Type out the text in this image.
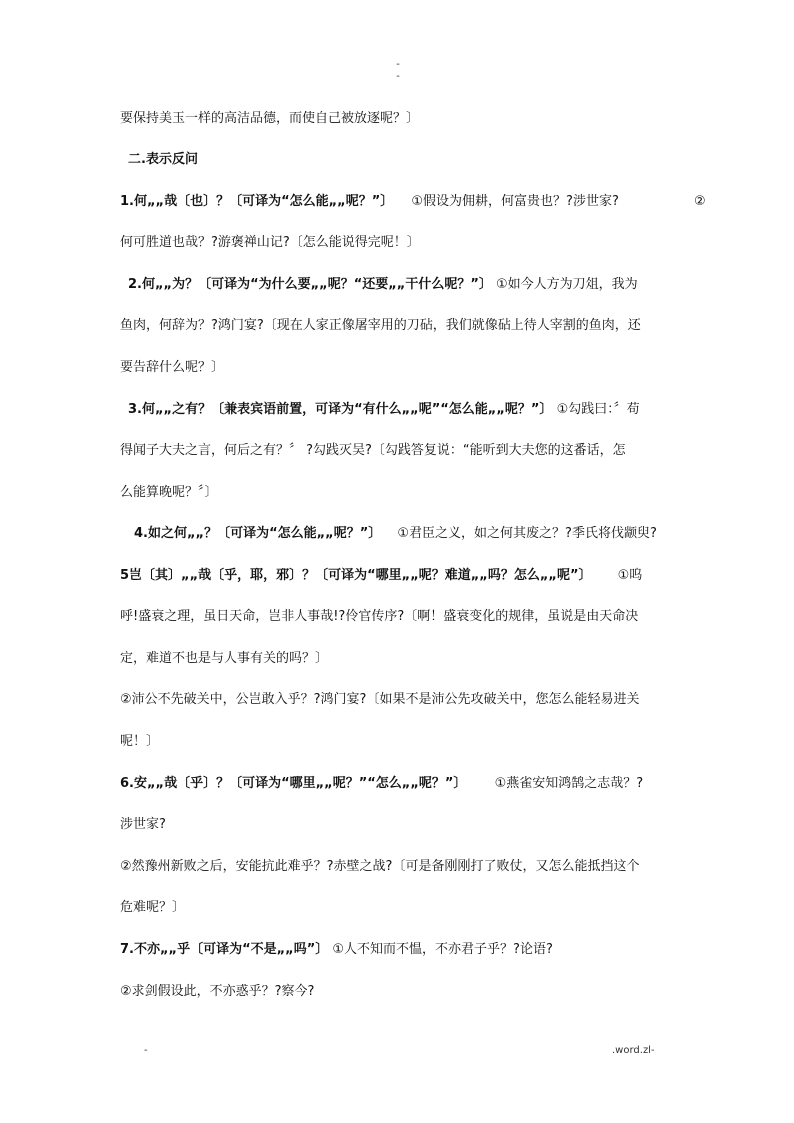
-
-
要保持美玉一样的高洁品德，而使自己被放逐呢？〕
二.表示反问
1.何„„哉〔也〕？〔可译为“怎么能„„呢？”〕 ①假设为佣耕，何富贵也？?涉世家?	②
何可胜道也哉？?游褒禅山记?〔怎么能说得完呢！〕
2.何„„为？〔可译为“为什么要„„呢？“还要„„干什么呢？”〕 ①如今人方为刀俎，我为
鱼肉，何辞为？?鸿门宴?〔现在人家正像屠宰用的刀砧，我们就像砧上待人宰割的鱼肉，还
要告辞什么呢？〕
3.何„„之有？〔兼表宾语前置，可译为“有什么„„呢”“怎么能„„呢？”〕 ①勾践曰：〞苟
得闻子大夫之言，何后之有？〞 ?勾践灭吴?〔勾践答复说：“能听到大夫您的这番话，怎
么能算晚呢？〞〕
4.如之何„„？〔可译为“怎么能„„呢？”〕 ①君臣之义，如之何其废之？?季氏将伐颛臾?
5岂〔其〕„„哉〔乎，耶，邪〕？〔可译为“哪里„„呢？难道„„吗？怎么„„呢”〕 ①呜
呼!盛衰之理，虽日天命，岂非人事哉!?伶官传序?〔啊！盛衰变化的规律，虽说是由天命决
定，难道不也是与人事有关的吗？〕
②沛公不先破关中，公岂敢入乎？?鸿门宴?〔如果不是沛公先攻破关中，您怎么能轻易进关
呢！〕
6.安„„哉〔乎〕？〔可译为“哪里„„呢？”“怎么„„呢？”〕 ①燕雀安知鸿鹄之志哉？?
涉世家?
②然豫州新败之后，安能抗此难乎？?赤壁之战?〔可是备刚刚打了败仗，又怎么能抵挡这个
危难呢？〕
7.不亦„„乎〔可译为“不是„„吗”〕 ①人不知而不愠，不亦君子乎？?论语?
②求剑假设此，不亦惑乎？?察今?
-	.word.zl-
